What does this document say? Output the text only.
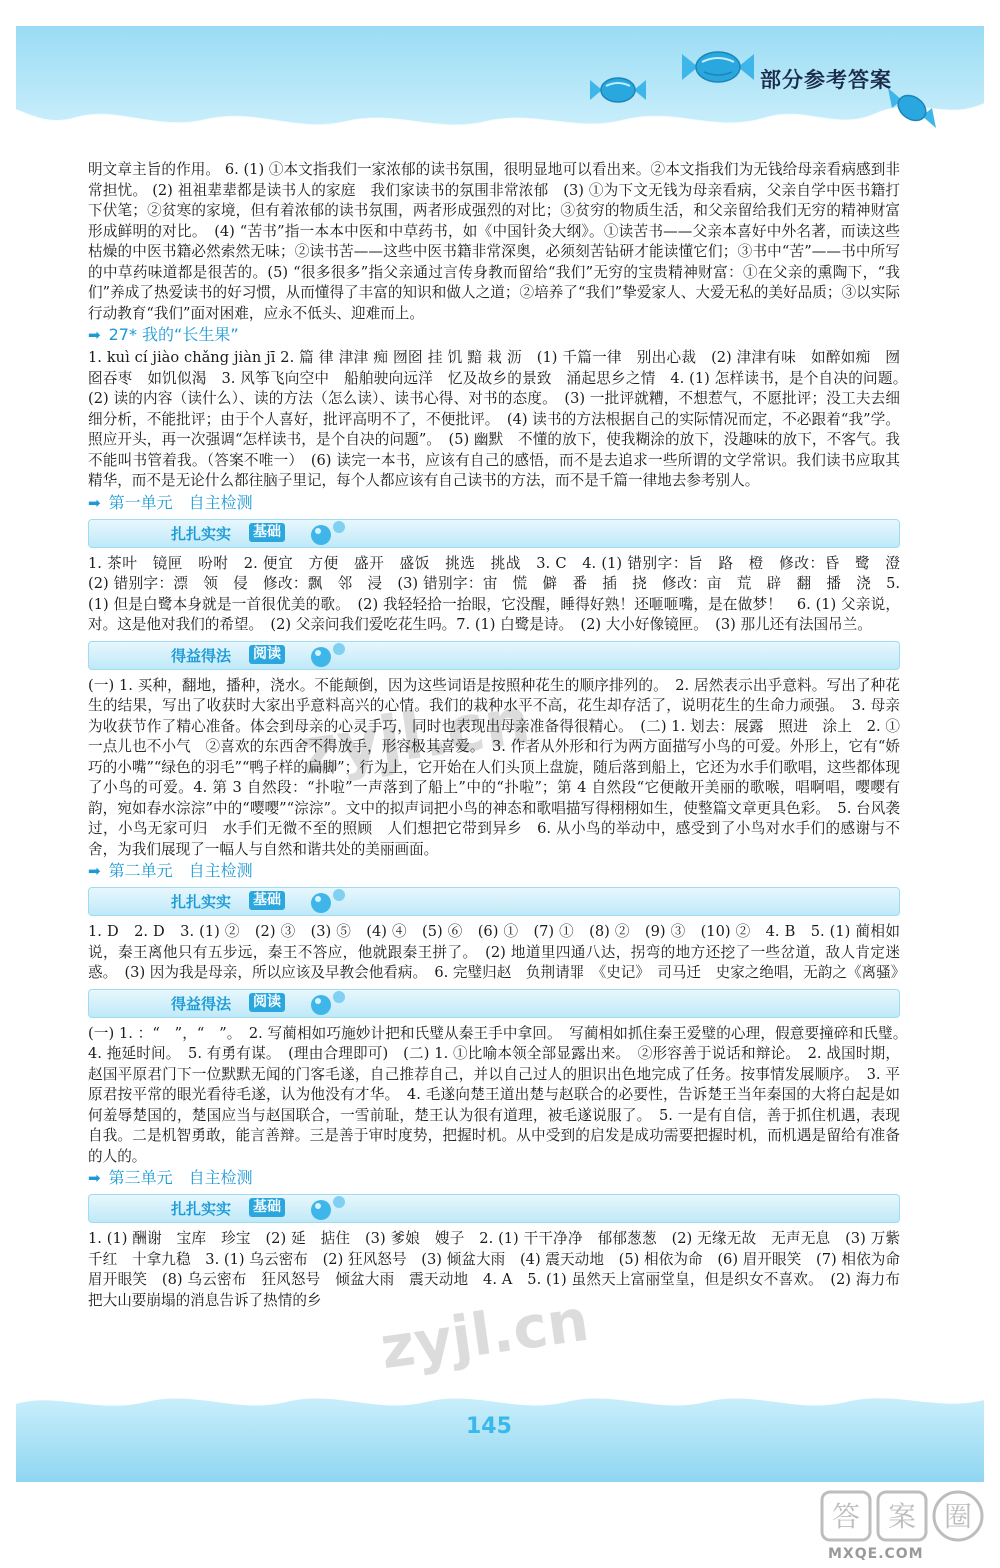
部分参考答案

明文章主旨的作用。 6. (1) ①本文指我们一家浓郁的读书氛围，很明显地可以看出来。②本文指我们为无钱给母亲看病感到非常担忧。 (2) 祖祖辈辈都是读书人的家庭　我们家读书的氛围非常浓郁　(3) ①为下文无钱为母亲看病，父亲自学中医书籍打下伏笔；②贫寒的家境，但有着浓郁的读书氛围，两者形成强烈的对比；③贫穷的物质生活，和父亲留给我们无穷的精神财富形成鲜明的对比。　(4) “苦书”指一本本中医和中草药书，如《中国针灸大纲》。①读苦书——父亲本喜好中外名著，而读这些枯燥的中医书籍必然索然无味；②读书苦——这些中医书籍非常深奥，必须刻苦钻研才能读懂它们；③书中“苦”——书中所写的中草药味道都是很苦的。(5) “很多很多”指父亲通过言传身教而留给“我们”无穷的宝贵精神财富：①在父亲的熏陶下，“我们”养成了热爱读书的好习惯，从而懂得了丰富的知识和做人之道；②培养了“我们”挚爱家人、大爱无私的美好品质；③以实际行动教育“我们”面对困难，应永不低头、迎难而上。

➡ 27* 我的“长生果”

1. kuì cí jiào chǎng jiàn jī 2. 篇 律 津津 痴 囫囵 挂 饥 黯 栽 沥　(1) 千篇一律　别出心裁　(2) 津津有味　如醉如痴　囫囵吞枣　如饥似渴　3. 风筝飞向空中　船舶驶向远洋　忆及故乡的景致　涌起思乡之情　4. (1) 怎样读书，是个自决的问题。　(2) 读的内容（读什么）、读的方法（怎么读）、读书心得、对书的态度。　(3) 一批评就糟，不想惹气，不愿批评；没工夫去细细分析，不能批评；由于个人喜好，批评高明不了，不便批评。　(4) 读书的方法根据自己的实际情况而定，不必跟着“我”学。照应开头，再一次强调“怎样读书，是个自决的问题”。　(5) 幽默　不懂的放下，使我糊涂的放下，没趣味的放下，不客气。我不能叫书管着我。（答案不唯一）　(6) 读完一本书，应该有自己的感悟，而不是去追求一些所谓的文学常识。我们读书应取其精华，而不是无论什么都往脑子里记，每个人都应该有自己读书的方法，而不是千篇一律地去参考别人。

➡ 第一单元　自主检测
扎扎实实 基础

1. 茶叶　镜匣　吩咐　2. 便宜　方便　盛开　盛饭　挑选　挑战　3. C　4. (1) 错别字：旨　路　橙　修改：昏　鹭　澄　(2) 错别字：漂　领　侵　修改：飘　邻　浸　(3) 错别字：宙　慌　僻　番　插　挠　修改：亩　荒　辟　翻　播　浇　5. (1) 但是白鹭本身就是一首很优美的歌。　(2) 我轻轻拾一抬眼，它没醒，睡得好熟！还咂咂嘴，是在做梦！　6. (1) 父亲说，对。这是他对我们的希望。　(2) 父亲问我们爱吃花生吗。7. (1) 白鹭是诗。　(2) 大小好像镜匣。　(3) 那儿还有法国吊兰。

得益得法 阅读

(一) 1. 买种，翻地，播种，浇水。不能颠倒，因为这些词语是按照种花生的顺序排列的。　2. 居然表示出乎意料。写出了种花生的结果，写出了收获时大家出乎意料高兴的心情。我们的栽种水平不高，花生却存活了，说明花生的生命力顽强。　3. 母亲为收获节作了精心准备。体会到母亲的心灵手巧，同时也表现出母亲准备得很精心。　(二) 1. 划去：展露　照进　涂上　2. ①一点儿也不小气　②喜欢的东西舍不得放手，形容极其喜爱。　3. 作者从外形和行为两方面描写小鸟的可爱。外形上，它有“娇巧的小嘴”“绿色的羽毛”“鸭子样的扁脚”；行为上，它开始在人们头顶上盘旋，随后落到船上，它还为水手们歌唱，这些都体现了小鸟的可爱。4. 第 3 自然段：“扑啦”一声落到了船上”中的“扑啦”；第 4 自然段“它便敞开美丽的歌喉，唱啊唱，嘤嘤有韵，宛如春水淙淙”中的“嘤嘤”“淙淙”。文中的拟声词把小鸟的神态和歌唱描写得栩栩如生，使整篇文章更具色彩。　5. 台风袭过，小鸟无家可归　水手们无微不至的照顾　人们想把它带到异乡　6. 从小鸟的举动中，感受到了小鸟对水手们的感谢与不舍，为我们展现了一幅人与自然和谐共处的美丽画面。

➡ 第二单元　自主检测
扎扎实实 基础

1. D　2. D　3. (1) ②　(2) ③　(3) ⑤　(4) ④　(5) ⑥　(6) ①　(7) ①　(8) ②　(9) ③　(10) ②　4. B　5. (1) 蔺相如说，秦王离他只有五步远，秦王不答应，他就跟秦王拼了。　(2) 地道里四通八达，拐弯的地方还挖了一些岔道，敌人肯定迷惑。　(3) 因为我是母亲，所以应该及早教会他看病。　6. 完璧归赵　负荆请罪　《史记》　司马迁　史家之绝唱，无韵之《离骚》

得益得法 阅读

(一) 1. ：“　”，“　”。　2. 写蔺相如巧施妙计把和氏璧从秦王手中拿回。　写蔺相如抓住秦王爱璧的心理，假意要撞碎和氏璧。　4. 拖延时间。　5. 有勇有谋。　(理由合理即可)　(二) 1. ①比喻本领全部显露出来。　②形容善于说话和辩论。　2. 战国时期，赵国平原君门下一位默默无闻的门客毛遂，自己推荐自己，并以自己过人的胆识出色地完成了任务。按事情发展顺序。　3. 平原君按平常的眼光看待毛遂，认为他没有才华。　4. 毛遂向楚王道出楚与赵联合的必要性，告诉楚王当年秦国的大将白起是如何羞辱楚国的，楚国应当与赵国联合，一雪前耻，楚王认为很有道理，被毛遂说服了。　5. 一是有自信，善于抓住机遇，表现自我。二是机智勇敢，能言善辩。三是善于审时度势，把握时机。从中受到的启发是成功需要把握时机，而机遇是留给有准备的人的。

➡ 第三单元　自主检测
扎扎实实 基础

1. (1) 酬谢　宝库　珍宝　(2) 延　掂住　(3) 爹娘　嫂子　2. (1) 干干净净　郁郁葱葱　(2) 无缘无故　无声无息　(3) 万紫千红　十拿九稳　3. (1) 乌云密布　(2) 狂风怒号　(3) 倾盆大雨　(4) 震天动地　(5) 相依为命　(6) 眉开眼笑　(7) 相依为命　眉开眼笑　(8) 乌云密布　狂风怒号　倾盆大雨　震天动地　4. A　5. (1) 虽然天上富丽堂皇，但是织女不喜欢。　(2) 海力布把大山要崩塌的消息告诉了热情的乡

145
zyjl.cn
zyjl.cn
答 案 圈
MXQE.COM
